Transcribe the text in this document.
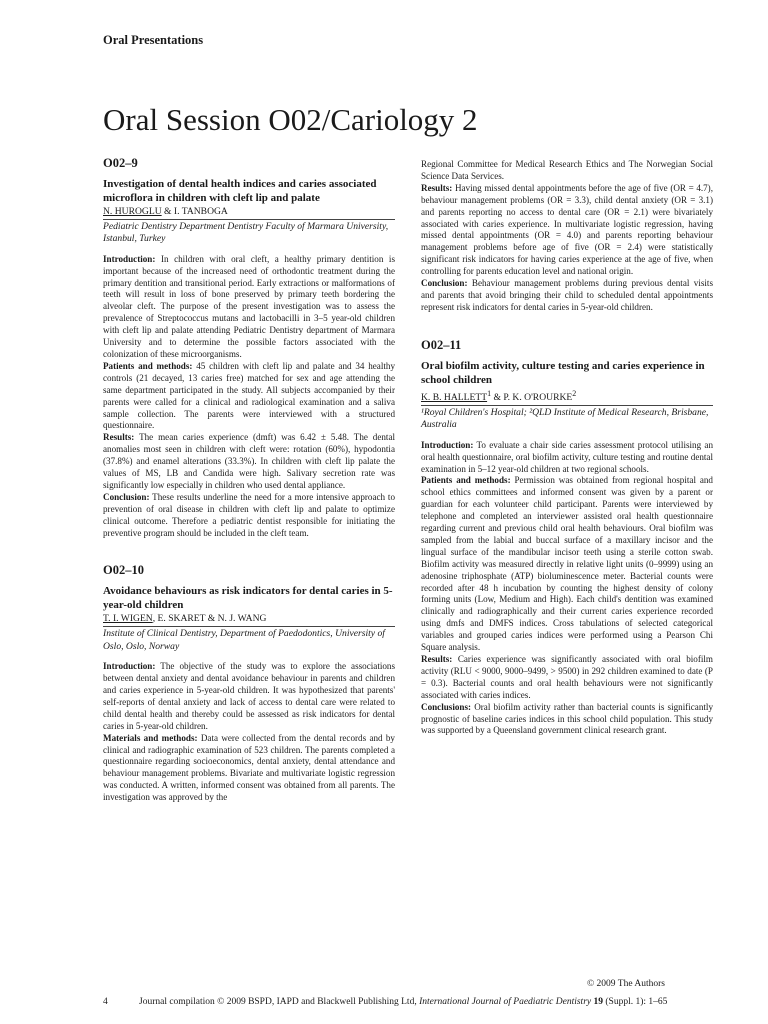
Oral Presentations
Oral Session O02/Cariology 2
O02–9
Investigation of dental health indices and caries associated microflora in children with cleft lip and palate
N. HUROGLU & I. TANBOGA
Pediatric Dentistry Department Dentistry Faculty of Marmara University, Istanbul, Turkey

Introduction: In children with oral cleft, a healthy primary dentition is important because of the increased need of orthodontic treatment during the primary dentition and transitional period. Early extractions or malformations of teeth will result in loss of bone preserved by primary teeth bordering the alveolar cleft. The purpose of the present investigation was to assess the prevalence of Streptococcus mutans and lactobacilli in 3–5 year-old children with cleft lip and palate attending Pediatric Dentistry department of Marmara University and to determine the possible factors associated with the colonization of these microorganisms.

Patients and methods: 45 children with cleft lip and palate and 34 healthy controls (21 decayed, 13 caries free) matched for sex and age attending the same department participated in the study. All subjects accompanied by their parents were called for a clinical and radiological examination and a saliva sample collection. The parents were interviewed with a structured questionnaire.

Results: The mean caries experience (dmft) was 6.42 ± 5.48. The dental anomalies most seen in children with cleft were: rotation (60%), hypodontia (37.8%) and enamel alterations (33.3%). In children with cleft lip palate the values of MS, LB and Candida were high. Salivary secretion rate was significantly low especially in children who used dental appliance.

Conclusion: These results underline the need for a more intensive approach to prevention of oral disease in children with cleft lip and palate to optimize clinical outcome. Therefore a pediatric dentist responsible for initiating the preventive program should be included in the cleft team.

O02–10
Avoidance behaviours as risk indicators for dental caries in 5-year-old children
T. I. WIGEN, E. SKARET & N. J. WANG
Institute of Clinical Dentistry, Department of Paedodontics, University of Oslo, Oslo, Norway

Introduction: The objective of the study was to explore the associations between dental anxiety and dental avoidance behaviour in parents and children and caries experience in 5-year-old children. It was hypothesized that parents' self-reports of dental anxiety and lack of access to dental care were related to child dental health and thereby could be assessed as risk indicators for dental caries in 5-year-old children.

Materials and methods: Data were collected from the dental records and by clinical and radiographic examination of 523 children. The parents completed a questionnaire regarding socioeconomics, dental anxiety, dental attendance and behaviour management problems. Bivariate and multivariate logistic regression was conducted. A written, informed consent was obtained from all parents. The investigation was approved by the

Regional Committee for Medical Research Ethics and The Norwegian Social Science Data Services.

Results: Having missed dental appointments before the age of five (OR = 4.7), behaviour management problems (OR = 3.3), child dental anxiety (OR = 3.1) and parents reporting no access to dental care (OR = 2.1) were bivariately associated with caries experience. In multivariate logistic regression, having missed dental appointments (OR = 4.0) and parents reporting behaviour management problems before age of five (OR = 2.4) were statistically significant risk indicators for having caries experience at the age of five, when controlling for parents education level and national origin.

Conclusion: Behaviour management problems during previous dental visits and parents that avoid bringing their child to scheduled dental appointments represent risk indicators for dental caries in 5-year-old children.

O02–11
Oral biofilm activity, culture testing and caries experience in school children
K. B. HALLETT$^1$ & P. K. O'ROURKE$^2$
¹Royal Children's Hospital; ²QLD Institute of Medical Research, Brisbane, Australia

Introduction: To evaluate a chair side caries assessment protocol utilising an oral health questionnaire, oral biofilm activity, culture testing and routine dental examination in 5–12 year-old children at two regional schools.

Patients and methods: Permission was obtained from regional hospital and school ethics committees and informed consent was given by a parent or guardian for each volunteer child participant. Parents were interviewed by telephone and completed an interviewer assisted oral health questionnaire regarding current and previous child oral health behaviours. Oral biofilm was sampled from the labial and buccal surface of a maxillary incisor and the lingual surface of the mandibular incisor teeth using a sterile cotton swab. Biofilm activity was measured directly in relative light units (0–9999) using an adenosine triphosphate (ATP) bioluminescence meter. Bacterial counts were recorded after 48 h incubation by counting the highest density of colony forming units (Low, Medium and High). Each child's dentition was examined clinically and radiographically and their current caries experience recorded using dmfs and DMFS indices. Cross tabulations of selected categorical variables and grouped caries indices were performed using a Pearson Chi Square analysis.

Results: Caries experience was significantly associated with oral biofilm activity (RLU < 9000, 9000–9499, > 9500) in 292 children examined to date (P = 0.3). Bacterial counts and oral health behaviours were not significantly associated with caries indices.

Conclusions: Oral biofilm activity rather than bacterial counts is significantly prognostic of baseline caries indices in this school child population. This study was supported by a Queensland government clinical research grant.

© 2009 The Authors
4	Journal compilation © 2009 BSPD, IAPD and Blackwell Publishing Ltd, International Journal of Paediatric Dentistry 19 (Suppl. 1): 1–65
